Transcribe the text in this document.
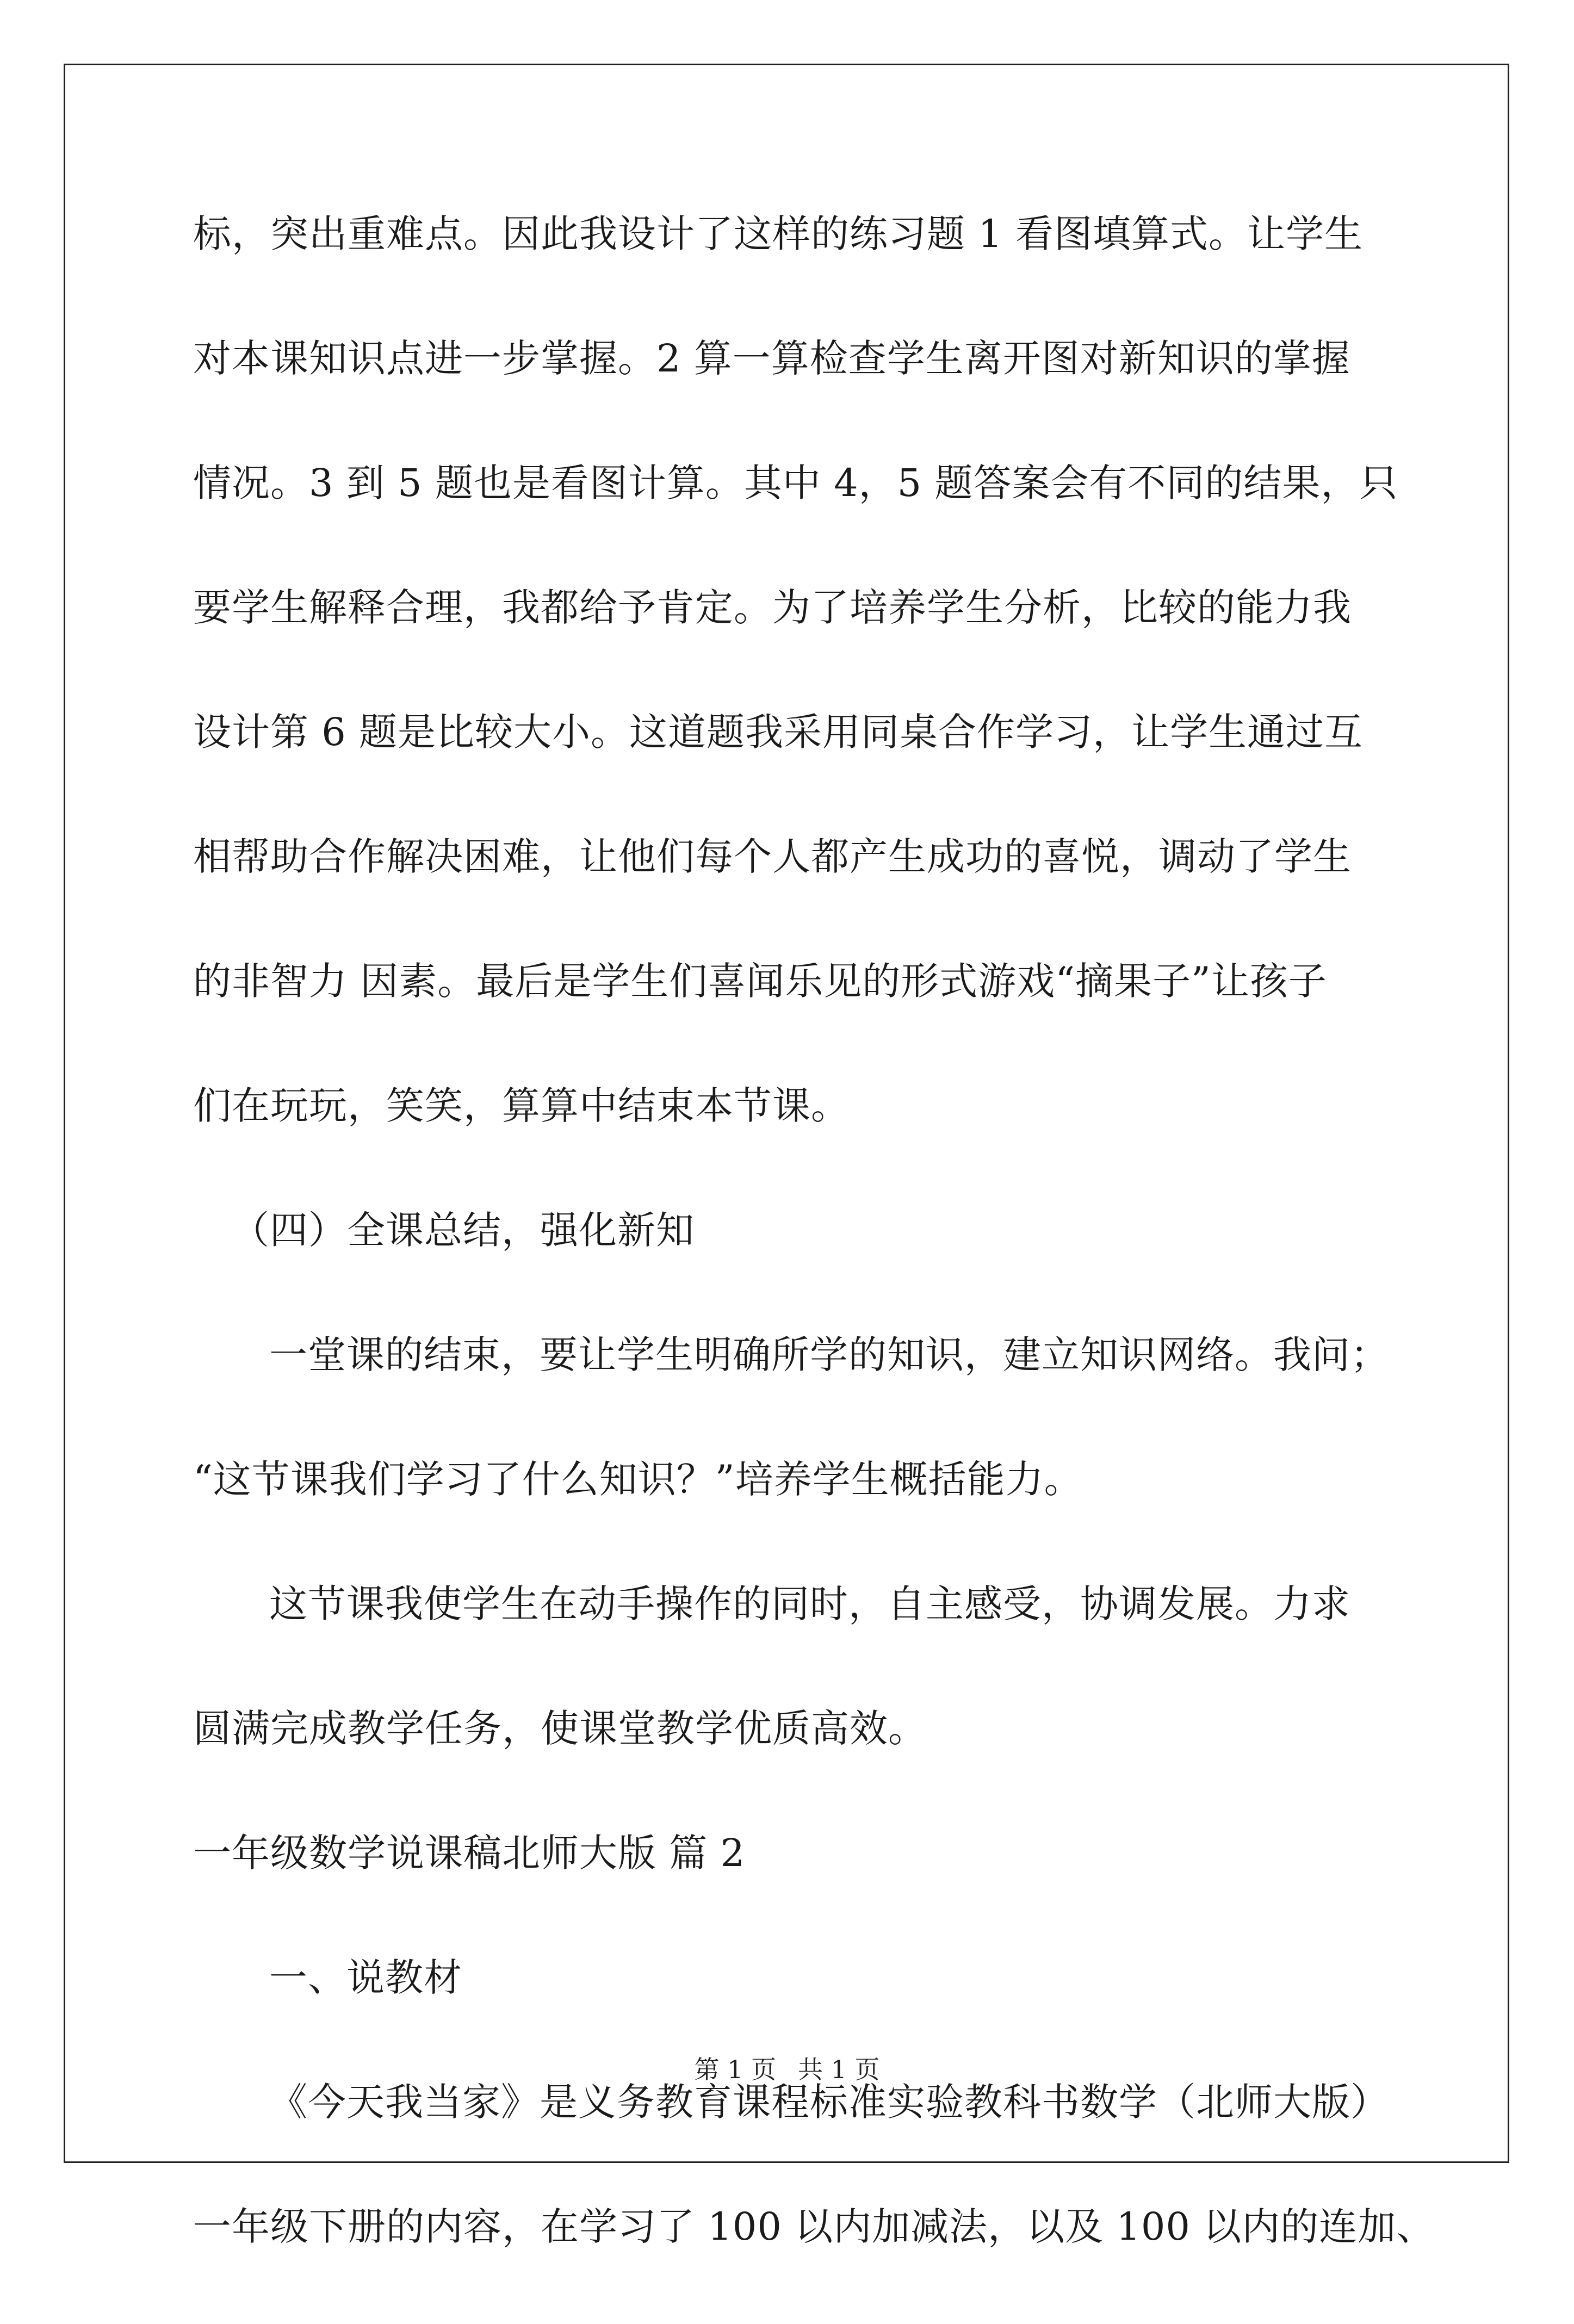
标，突出重难点。因此我设计了这样的练习题 1 看图填算式。让学生
对本课知识点进一步掌握。2 算一算检查学生离开图对新知识的掌握
情况。3 到 5 题也是看图计算。其中 4，5 题答案会有不同的结果，只
要学生解释合理，我都给予肯定。为了培养学生分析，比较的能力我
设计第 6 题是比较大小。这道题我采用同桌合作学习，让学生通过互
相帮助合作解决困难，让他们每个人都产生成功的喜悦，调动了学生
的非智力 因素。最后是学生们喜闻乐见的形式游戏“摘果子”让孩子
们在玩玩，笑笑，算算中结束本节课。
（四）全课总结，强化新知
一堂课的结束，要让学生明确所学的知识，建立知识网络。我问；
“这节课我们学习了什么知识？”培养学生概括能力。
这节课我使学生在动手操作的同时，自主感受，协调发展。力求
圆满完成教学任务，使课堂教学优质高效。
一年级数学说课稿北师大版 篇 2
一、说教材
《今天我当家》是义务教育课程标准实验教科书数学（北师大版）
一年级下册的内容，在学习了 100 以内加减法，以及 100 以内的连加、
第 1 页 共 1 页
